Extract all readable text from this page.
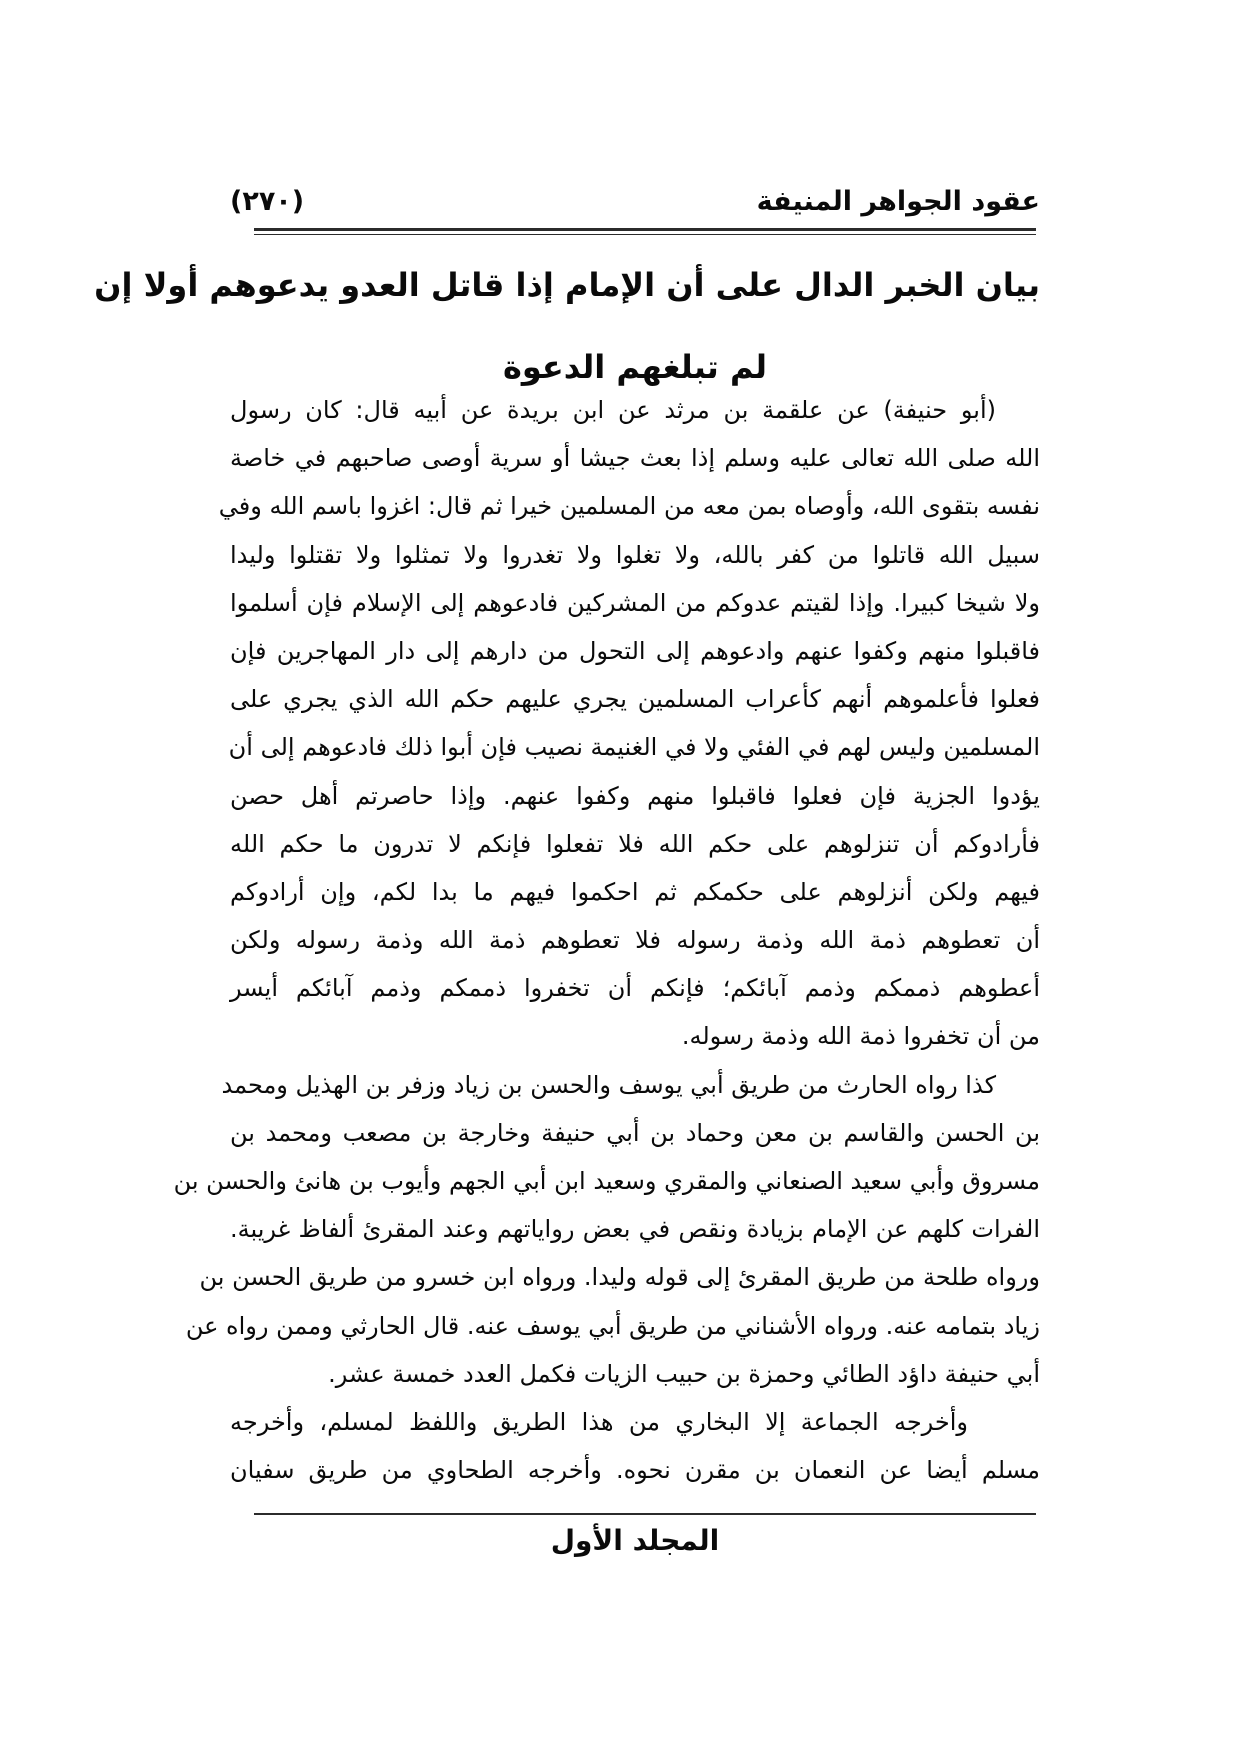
عقود الجواهر المنيفة
(٢٧٠)
بيان الخبر الدال على أن الإمام إذا قاتل العدو يدعوهم أولا إن
لم تبلغهم الدعوة
(أبو حنيفة) عن علقمة بن مرثد عن ابن بريدة عن أبيه قال: كان رسول
الله صلى الله تعالى عليه وسلم إذا بعث جيشا أو سرية أوصى صاحبهم في خاصة
نفسه بتقوى الله، وأوصاه بمن معه من المسلمين خيرا ثم قال: اغزوا باسم الله وفي
سبيل الله قاتلوا من كفر بالله، ولا تغلوا ولا تغدروا ولا تمثلوا ولا تقتلوا وليدا
ولا شيخا كبيرا. وإذا لقيتم عدوكم من المشركين فادعوهم إلى الإسلام فإن أسلموا
فاقبلوا منهم وكفوا عنهم وادعوهم إلى التحول من دارهم إلى دار المهاجرين فإن
فعلوا فأعلموهم أنهم كأعراب المسلمين يجري عليهم حكم الله الذي يجري على
المسلمين وليس لهم في الفئي ولا في الغنيمة نصيب فإن أبوا ذلك فادعوهم إلى أن
يؤدوا الجزية فإن فعلوا فاقبلوا منهم وكفوا عنهم. وإذا حاصرتم أهل حصن
فأرادوكم أن تنزلوهم على حكم الله فلا تفعلوا فإنكم لا تدرون ما حكم الله
فيهم ولكن أنزلوهم على حكمكم ثم احكموا فيهم ما بدا لكم، وإن أرادوكم
أن تعطوهم ذمة الله وذمة رسوله فلا تعطوهم ذمة الله وذمة رسوله ولكن
أعطوهم ذممكم وذمم آبائكم؛ فإنكم أن تخفروا ذممكم وذمم آبائكم أيسر
من أن تخفروا ذمة الله وذمة رسوله.
كذا رواه الحارث من طريق أبي يوسف والحسن بن زياد وزفر بن الهذيل ومحمد
بن الحسن والقاسم بن معن وحماد بن أبي حنيفة وخارجة بن مصعب ومحمد بن
مسروق وأبي سعيد الصنعاني والمقري وسعيد ابن أبي الجهم وأيوب بن هانئ والحسن بن
الفرات كلهم عن الإمام بزيادة ونقص في بعض رواياتهم وعند المقرئ ألفاظ غريبة.
ورواه طلحة من طريق المقرئ إلى قوله وليدا. ورواه ابن خسرو من طريق الحسن بن
زياد بتمامه عنه. ورواه الأشناني من طريق أبي يوسف عنه. قال الحارثي وممن رواه عن
أبي حنيفة داؤد الطائي وحمزة بن حبيب الزيات فكمل العدد خمسة عشر.
وأخرجه الجماعة إلا البخاري من هذا الطريق واللفظ لمسلم، وأخرجه
مسلم أيضا عن النعمان بن مقرن نحوه. وأخرجه الطحاوي من طريق سفيان
المجلد الأول
